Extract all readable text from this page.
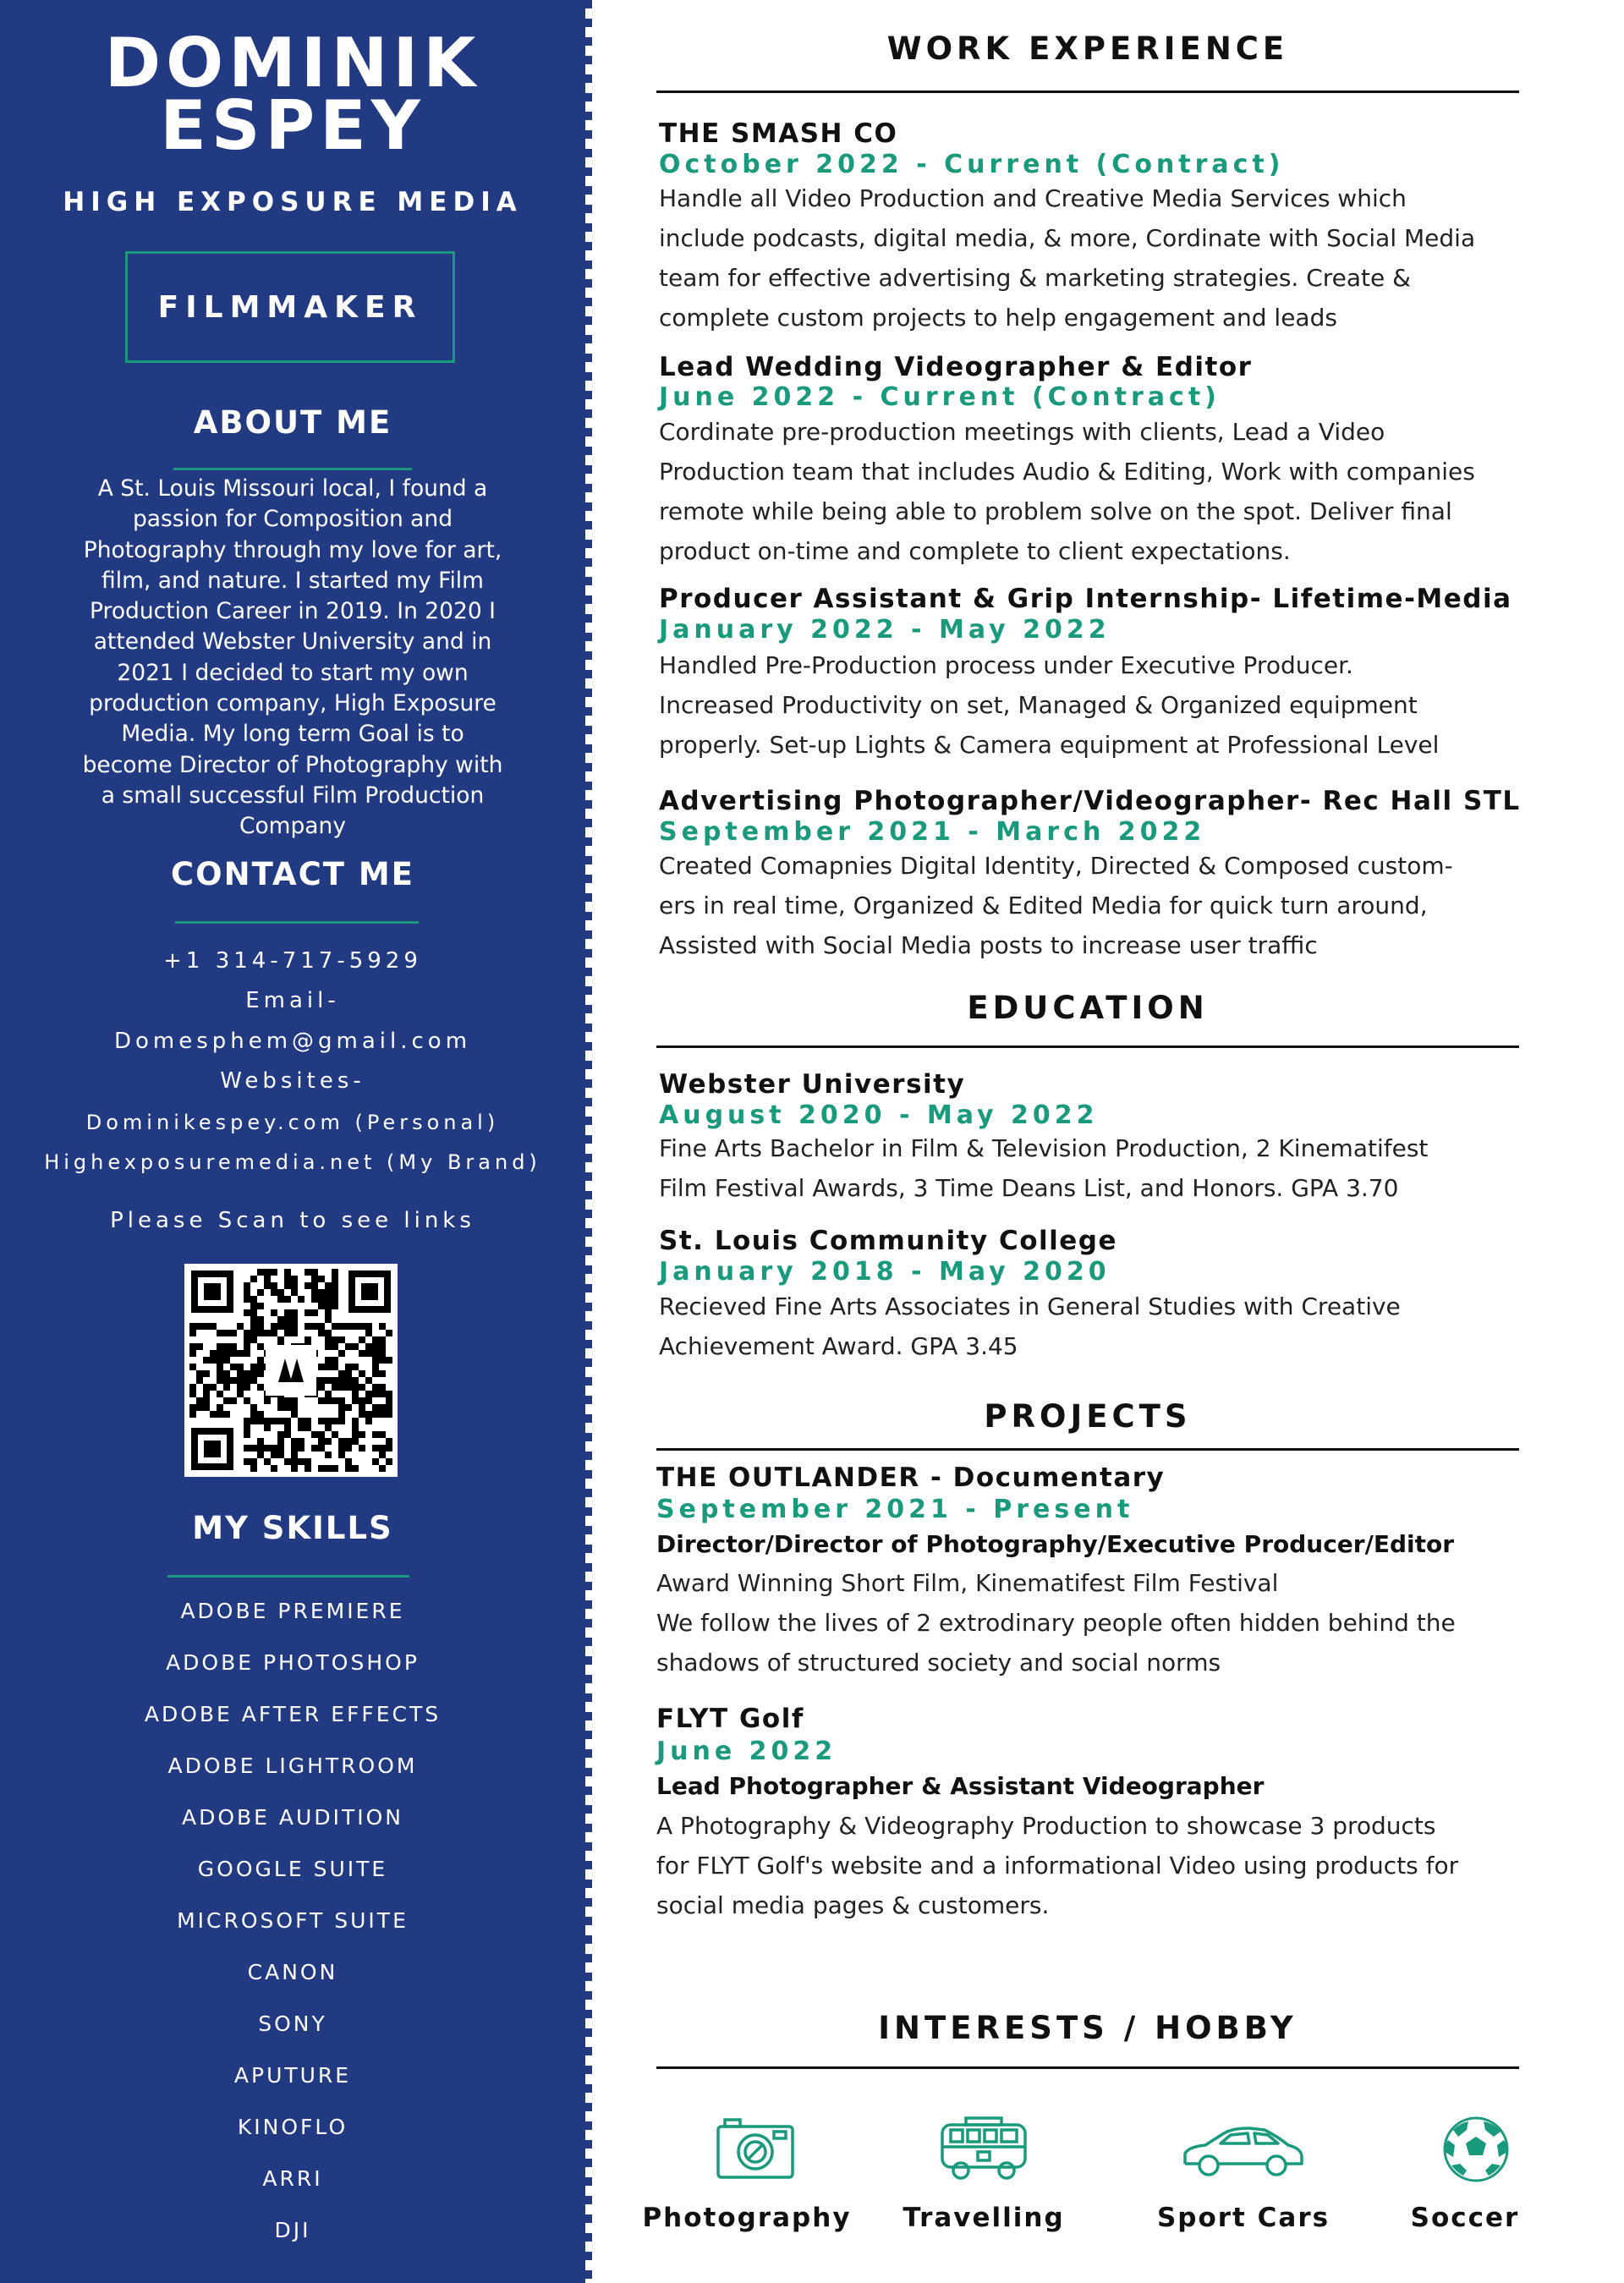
DOMINIK
ESPEY
HIGH EXPOSURE MEDIA
FILMMAKER
ABOUT ME
A St. Louis Missouri local, I found a
passion for Composition and
Photography through my love for art,
film, and nature. I started my Film
Production Career in 2019. In 2020 I
attended Webster University and in
2021 I decided to start my own
production company, High Exposure
Media. My long term Goal is to
become Director of Photography with
a small successful Film Production
Company
CONTACT ME
+1 314-717-5929
Email-
Domesphem@gmail.com
Websites-
Dominikespey.com (Personal)
Highexposuremedia.net (My Brand)
Please Scan to see links
MY SKILLS
ADOBE PREMIERE
ADOBE PHOTOSHOP
ADOBE AFTER EFFECTS
ADOBE LIGHTROOM
ADOBE AUDITION
GOOGLE SUITE
MICROSOFT SUITE
CANON
SONY
APUTURE
KINOFLO
ARRI
DJI
WORK EXPERIENCE
THE SMASH CO
October 2022 - Current (Contract)
Handle all Video Production and Creative Media Services which
include podcasts, digital media, & more, Cordinate with Social Media
team for effective advertising & marketing strategies. Create &
complete custom projects to help engagement and leads
Lead Wedding Videographer & Editor
June 2022 - Current (Contract)
Cordinate pre-production meetings with clients, Lead a Video
Production team that includes Audio & Editing, Work with companies
remote while being able to problem solve on the spot. Deliver final
product on-time and complete to client expectations.
Producer Assistant & Grip Internship- Lifetime-Media
January 2022 - May 2022
Handled Pre-Production process under Executive Producer.
Increased Productivity on set, Managed & Organized equipment
properly. Set-up Lights & Camera equipment at Professional Level
Advertising Photographer/Videographer- Rec Hall STL
September 2021 - March 2022
Created Comapnies Digital Identity, Directed & Composed custom-
ers in real time, Organized & Edited Media for quick turn around,
Assisted with Social Media posts to increase user traffic
EDUCATION
Webster University
August 2020 - May 2022
Fine Arts Bachelor in Film & Television Production, 2 Kinematifest
Film Festival Awards, 3 Time Deans List, and Honors. GPA 3.70
St. Louis Community College
January 2018 - May 2020
Recieved Fine Arts Associates in General Studies with Creative
Achievement Award. GPA 3.45
PROJECTS
THE OUTLANDER - Documentary
September 2021 - Present
Director/Director of Photography/Executive Producer/Editor
Award Winning Short Film, Kinematifest Film Festival
We follow the lives of 2 extrodinary people often hidden behind the
shadows of structured society and social norms
FLYT Golf
June 2022
Lead Photographer & Assistant Videographer
A Photography & Videography Production to showcase 3 products
for FLYT Golf's website and a informational Video using products for
social media pages & customers.
INTERESTS / HOBBY
Photography	Travelling	Sport Cars	Soccer
